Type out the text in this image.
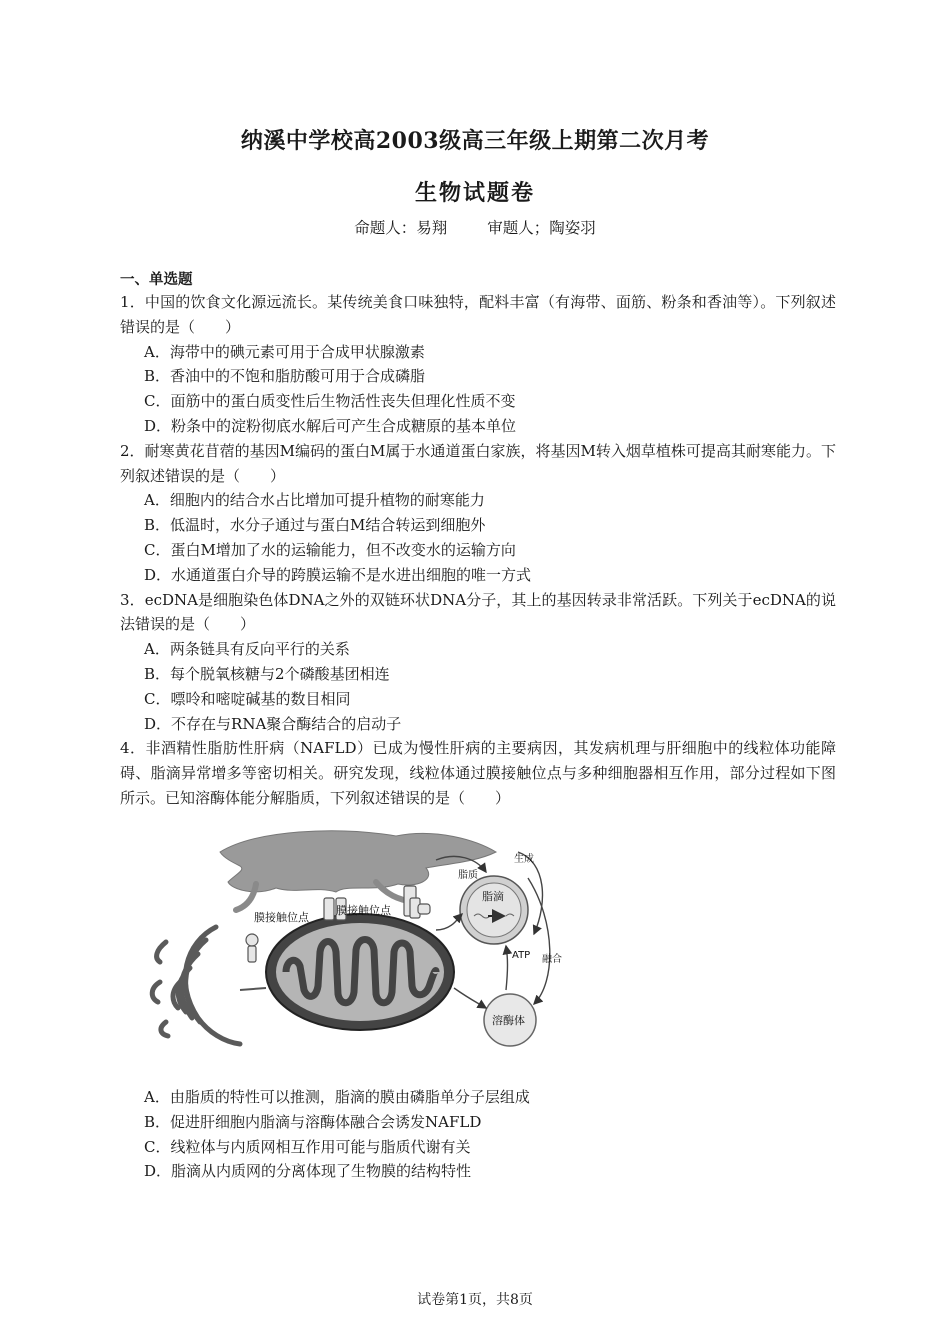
纳溪中学校高2003级高三年级上期第二次月考
生物试题卷
命题人：易翔	审题人；陶姿羽
一、单选题
1．中国的饮食文化源远流长。某传统美食口味独特，配料丰富（有海带、面筋、粉条和香油等）。下列叙述错误的是（　　）
A．海带中的碘元素可用于合成甲状腺激素
B．香油中的不饱和脂肪酸可用于合成磷脂
C．面筋中的蛋白质变性后生物活性丧失但理化性质不变
D．粉条中的淀粉彻底水解后可产生合成糖原的基本单位
2．耐寒黄花苜蓿的基因M编码的蛋白M属于水通道蛋白家族，将基因M转入烟草植株可提高其耐寒能力。下列叙述错误的是（　　）
A．细胞内的结合水占比增加可提升植物的耐寒能力
B．低温时，水分子通过与蛋白M结合转运到细胞外
C．蛋白M增加了水的运输能力，但不改变水的运输方向
D．水通道蛋白介导的跨膜运输不是水进出细胞的唯一方式
3．ecDNA是细胞染色体DNA之外的双链环状DNA分子，其上的基因转录非常活跃。下列关于ecDNA的说法错误的是（　　）
A．两条链具有反向平行的关系
B．每个脱氧核糖与2个磷酸基团相连
C．嘌呤和嘧啶碱基的数目相同
D．不存在与RNA聚合酶结合的启动子
4．非酒精性脂肪性肝病（NAFLD）已成为慢性肝病的主要病因，其发病机理与肝细胞中的线粒体功能障碍、脂滴异常增多等密切相关。研究发现，线粒体通过膜接触位点与多种细胞器相互作用，部分过程如下图所示。已知溶酶体能分解脂质，下列叙述错误的是（　　）
膜接触位点
膜接触位点
脂质
生成
脂滴
ATP 融合
溶酶体
A．由脂质的特性可以推测，脂滴的膜由磷脂单分子层组成
B．促进肝细胞内脂滴与溶酶体融合会诱发NAFLD
C．线粒体与内质网相互作用可能与脂质代谢有关
D．脂滴从内质网的分离体现了生物膜的结构特性
试卷第1页，共8页
